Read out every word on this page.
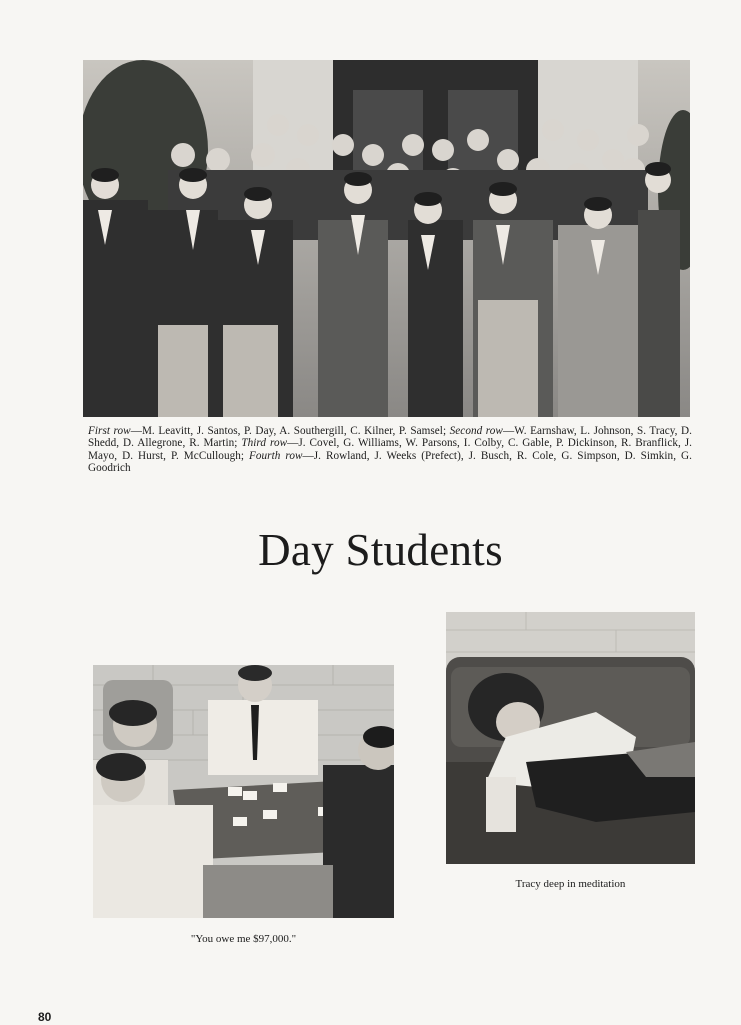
First row—M. Leavitt, J. Santos, P. Day, A. Southergill, C. Kilner, P. Samsel; Second row—W. Earnshaw, L. Johnson, S. Tracy, D. Shedd, D. Allegrone, R. Martin; Third row—J. Covel, G. Williams, W. Parsons, I. Colby, C. Gable, P. Dickinson, R. Branflick, J. Mayo, D. Hurst, P. McCullough; Fourth row—J. Rowland, J. Weeks (Prefect), J. Busch, R. Cole, G. Simpson, D. Simkin, G. Goodrich
Day Students
Tracy deep in meditation
"You owe me $97,000."
80
